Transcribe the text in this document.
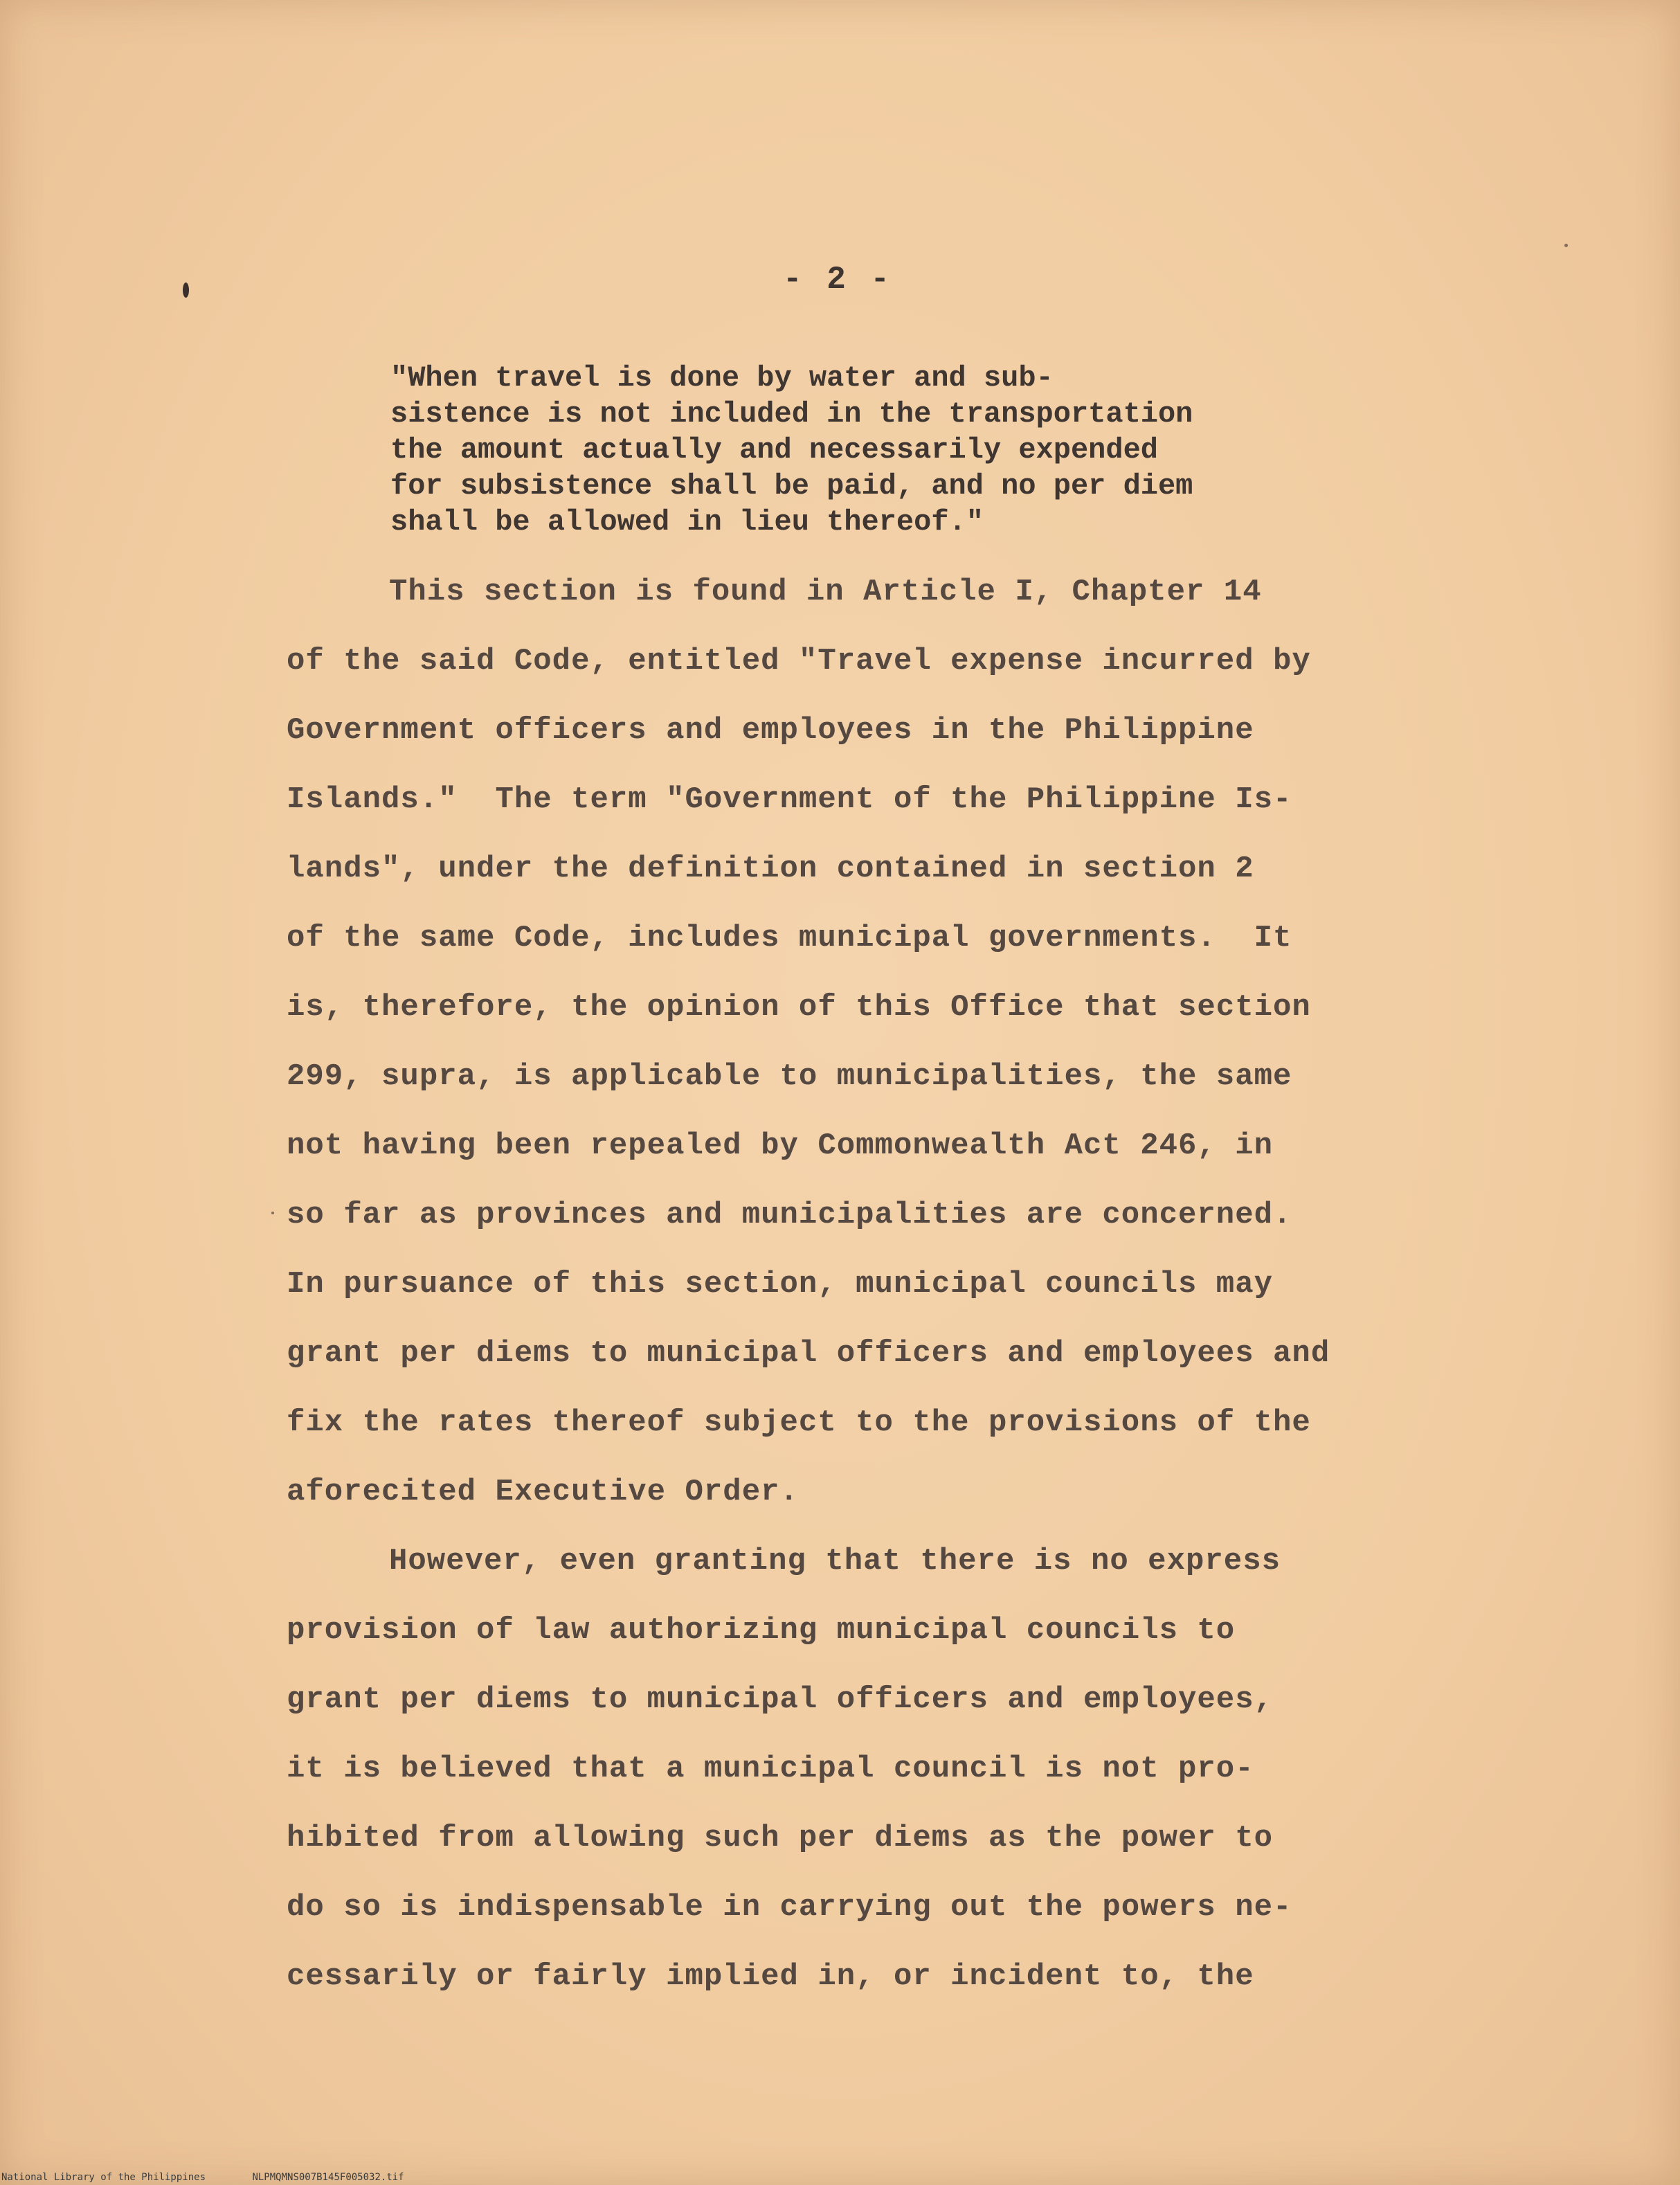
- 2 -
"When travel is done by water and sub-
sistence is not included in the transportation
the amount actually and necessarily expended
for subsistence shall be paid, and no per diem
shall be allowed in lieu thereof."
This section is found in Article I, Chapter 14
of the said Code, entitled "Travel expense incurred by
Government officers and employees in the Philippine
Islands."  The term "Government of the Philippine Is-
lands", under the definition contained in section 2
of the same Code, includes municipal governments.  It
is, therefore, the opinion of this Office that section
299, supra, is applicable to municipalities, the same
not having been repealed by Commonwealth Act 246, in
so far as provinces and municipalities are concerned.
In pursuance of this section, municipal councils may
grant per diems to municipal officers and employees and
fix the rates thereof subject to the provisions of the
aforecited Executive Order.
However, even granting that there is no express
provision of law authorizing municipal councils to
grant per diems to municipal officers and employees,
it is believed that a municipal council is not pro-
hibited from allowing such per diems as the power to
do so is indispensable in carrying out the powers ne-
cessarily or fairly implied in, or incident to, the
National Library of the Philippines	NLPMQMNS007B145F005032.tif
